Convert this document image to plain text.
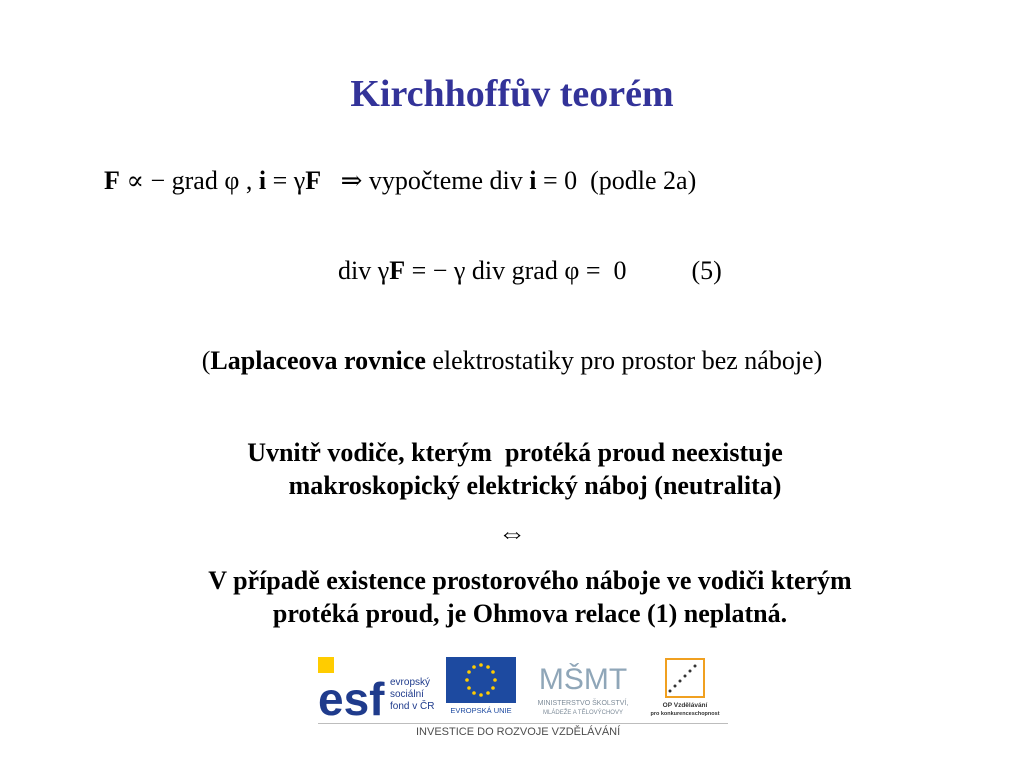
Kirchhoffův teorém
F ∝ − grad φ , i = γF   ⇒ vypočteme div i = 0  (podle 2a)
div γF = − γ div grad φ =  0          (5)
(Laplaceova rovnice elektrostatiky pro prostor bez náboje)
Uvnitř vodiče, kterým  protéká proud neexistuje
makroskopický elektrický náboj (neutralita)
⇔
V případě existence prostorového náboje ve vodiči kterým
protéká proud, je Ohmova relace (1) neplatná.
esf evropský
sociální
fond v ČR EVROPSKÁ UNIE
MŠMT
MINISTERSTVO ŠKOLSTVÍ,
MLÁDEŽE A TĚLOVÝCHOVY
OP Vzdělávání
pro konkurenceschopnost
INVESTICE DO ROZVOJE VZDĚLÁVÁNÍ
